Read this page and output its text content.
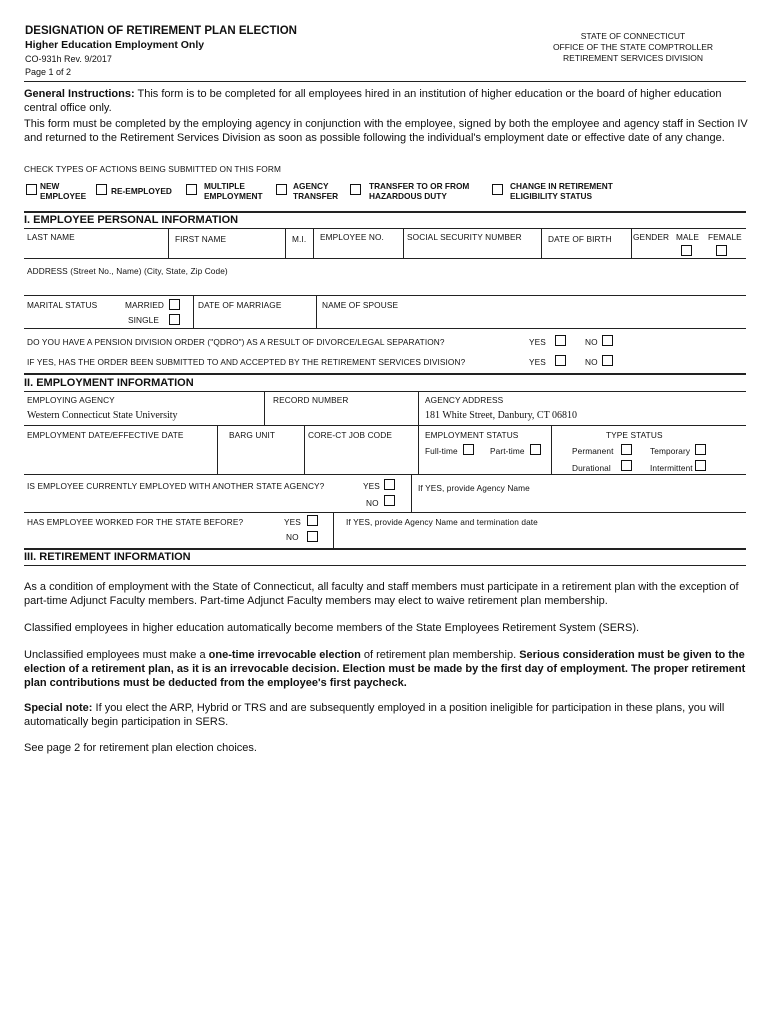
DESIGNATION OF RETIREMENT PLAN ELECTION
Higher Education Employment Only
CO-931h Rev. 9/2017
Page 1 of 2
STATE OF CONNECTICUT
OFFICE OF THE STATE COMPTROLLER
RETIREMENT SERVICES DIVISION
General Instructions: This form is to be completed for all employees hired in an institution of higher education or the board of higher education central office only.
This form must be completed by the employing agency in conjunction with the employee, signed by both the employee and agency staff in Section IV and returned to the Retirement Services Division as soon as possible following the individual's employment date or effective date of any change.
CHECK TYPES OF ACTIONS BEING SUBMITTED ON THIS FORM
NEW
EMPLOYEE	RE-EMPLOYED	MULTIPLE
EMPLOYMENT
AGENCY
TRANSFER
TRANSFER TO OR FROM
HAZARDOUS DUTY
CHANGE IN RETIREMENT
ELIGIBILITY STATUS
I. EMPLOYEE PERSONAL INFORMATION
LAST NAME	FIRST NAME	M.I. EMPLOYEE NO.	SOCIAL SECURITY NUMBER	DATE OF BIRTH	GENDER MALE FEMALE
ADDRESS (Street No., Name) (City, State, Zip Code)
MARITAL STATUS	MARRIED
SINGLE
DATE OF MARRIAGE	NAME OF SPOUSE
DO YOU HAVE A PENSION DIVISION ORDER ("QDRO") AS A RESULT OF DIVORCE/LEGAL SEPARATION?	YES	NO
IF YES, HAS THE ORDER BEEN SUBMITTED TO AND ACCEPTED BY THE RETIREMENT SERVICES DIVISION?	YES	NO
II. EMPLOYMENT INFORMATION
EMPLOYING AGENCY
Western Connecticut State University
RECORD NUMBER	AGENCY ADDRESS
181 White Street, Danbury, CT 06810
EMPLOYMENT DATE/EFFECTIVE DATE	BARG UNIT	CORE-CT JOB CODE	EMPLOYMENT STATUS
Full-time	Part-time
TYPE STATUS
Permanent	Temporary
Durational	Intermittent
IS EMPLOYEE CURRENTLY EMPLOYED WITH ANOTHER STATE AGENCY?	YES
NO
If YES, provide Agency Name
HAS EMPLOYEE WORKED FOR THE STATE BEFORE?	YES
NO
If YES, provide Agency Name and termination date
III. RETIREMENT INFORMATION
As a condition of employment with the State of Connecticut, all faculty and staff members must participate in a retirement plan with the exception of part-time Adjunct Faculty members. Part-time Adjunct Faculty members may elect to waive retirement plan membership.
Classified employees in higher education automatically become members of the State Employees Retirement System (SERS).
Unclassified employees must make a one-time irrevocable election of retirement plan membership. Serious consideration must be given to the election of a retirement plan, as it is an irrevocable decision. Election must be made by the first day of employment. The proper retirement plan contributions must be deducted from the employee's first paycheck.
Special note: If you elect the ARP, Hybrid or TRS and are subsequently employed in a position ineligible for participation in these plans, you will automatically begin participation in SERS.
See page 2 for retirement plan election choices.
